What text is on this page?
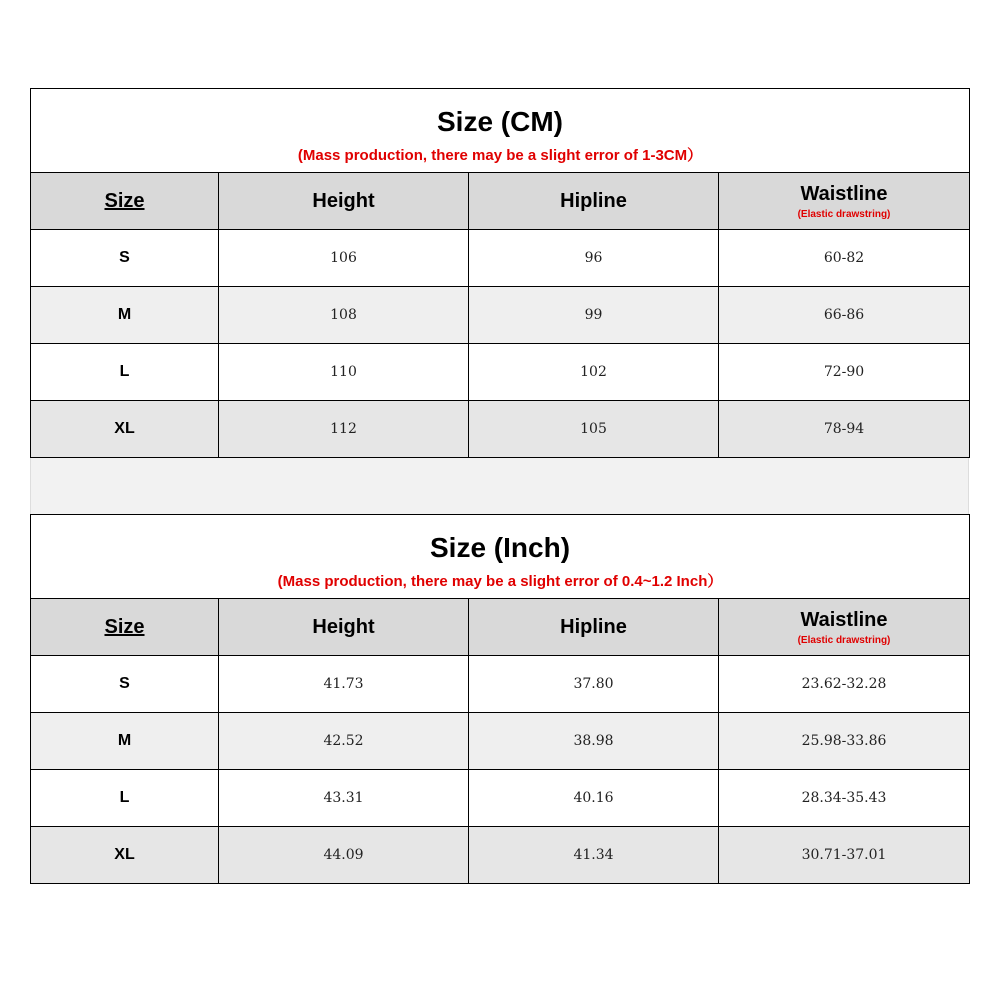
Size (CM)
(Mass production, there may be a slight error of 1-3CM）			

Size	Height	Hipline	Waistline
(Elastic drawstring)

S	106	96	60-82
M	108	99	66-86
L	110	102	72-90
XL	112	105	78-94
Size (Inch)
(Mass production, there may be a slight error of 0.4~1.2 Inch）			

Size	Height	Hipline	Waistline
(Elastic drawstring)

S	41.73	37.80	23.62-32.28
M	42.52	38.98	25.98-33.86
L	43.31	40.16	28.34-35.43
XL	44.09	41.34	30.71-37.01
